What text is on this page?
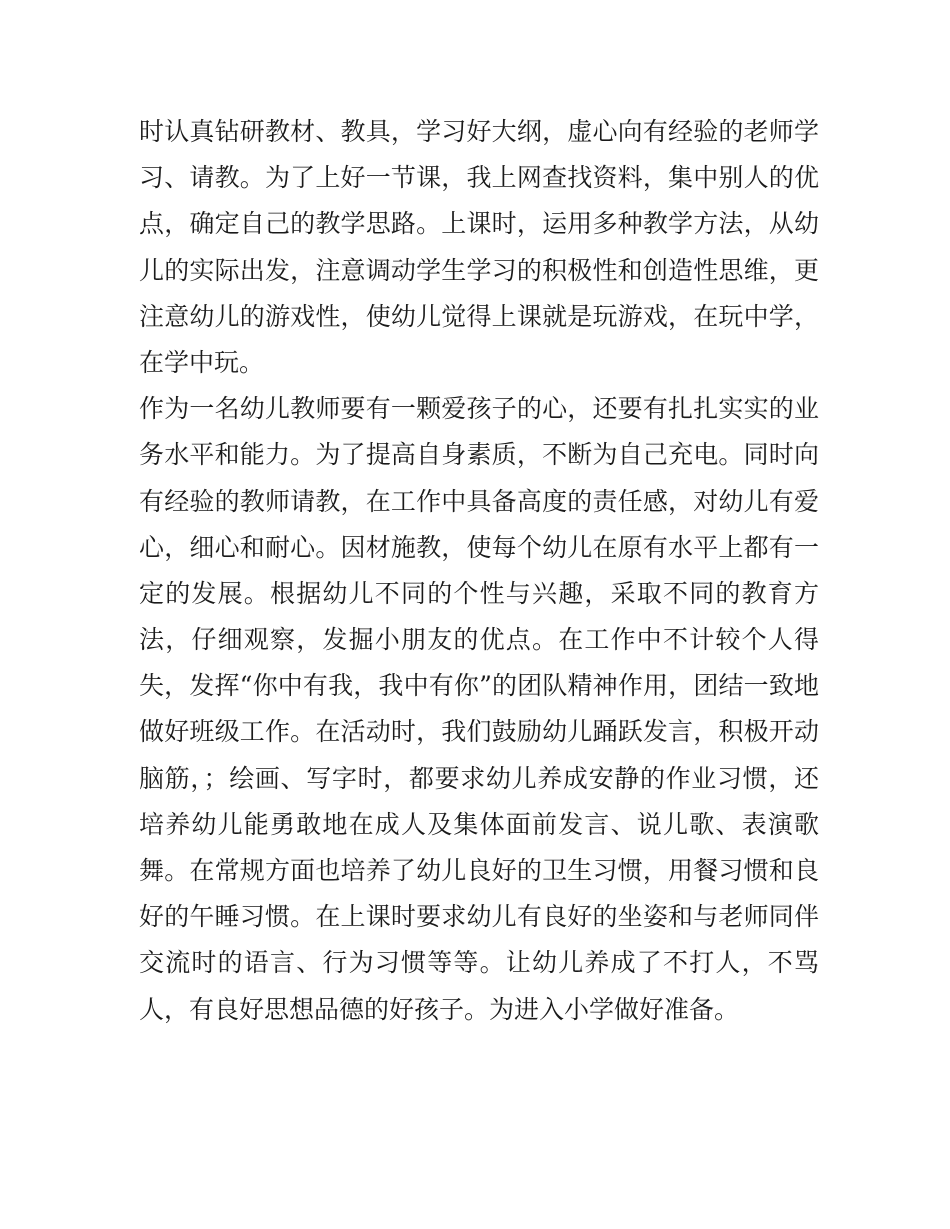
时认真钻研教材、教具，学习好大纲，虚心向有经验的老师学
习、请教。为了上好一节课，我上网查找资料，集中别人的优
点，确定自己的教学思路。上课时，运用多种教学方法，从幼
儿的实际出发，注意调动学生学习的积极性和创造性思维，更
注意幼儿的游戏性，使幼儿觉得上课就是玩游戏，在玩中学，
在学中玩。
作为一名幼儿教师要有一颗爱孩子的心，还要有扎扎实实的业
务水平和能力。为了提高自身素质，不断为自己充电。同时向
有经验的教师请教，在工作中具备高度的责任感，对幼儿有爱
心，细心和耐心。因材施教，使每个幼儿在原有水平上都有一
定的发展。根据幼儿不同的个性与兴趣，采取不同的教育方
法，仔细观察，发掘小朋友的优点。在工作中不计较个人得
失，发挥“你中有我，我中有你”的团队精神作用，团结一致地
做好班级工作。在活动时，我们鼓励幼儿踊跃发言，积极开动
脑筋，；绘画、写字时，都要求幼儿养成安静的作业习惯，还
培养幼儿能勇敢地在成人及集体面前发言、说儿歌、表演歌
舞。在常规方面也培养了幼儿良好的卫生习惯，用餐习惯和良
好的午睡习惯。在上课时要求幼儿有良好的坐姿和与老师同伴
交流时的语言、行为习惯等等。让幼儿养成了不打人，不骂
人，有良好思想品德的好孩子。为进入小学做好准备。
